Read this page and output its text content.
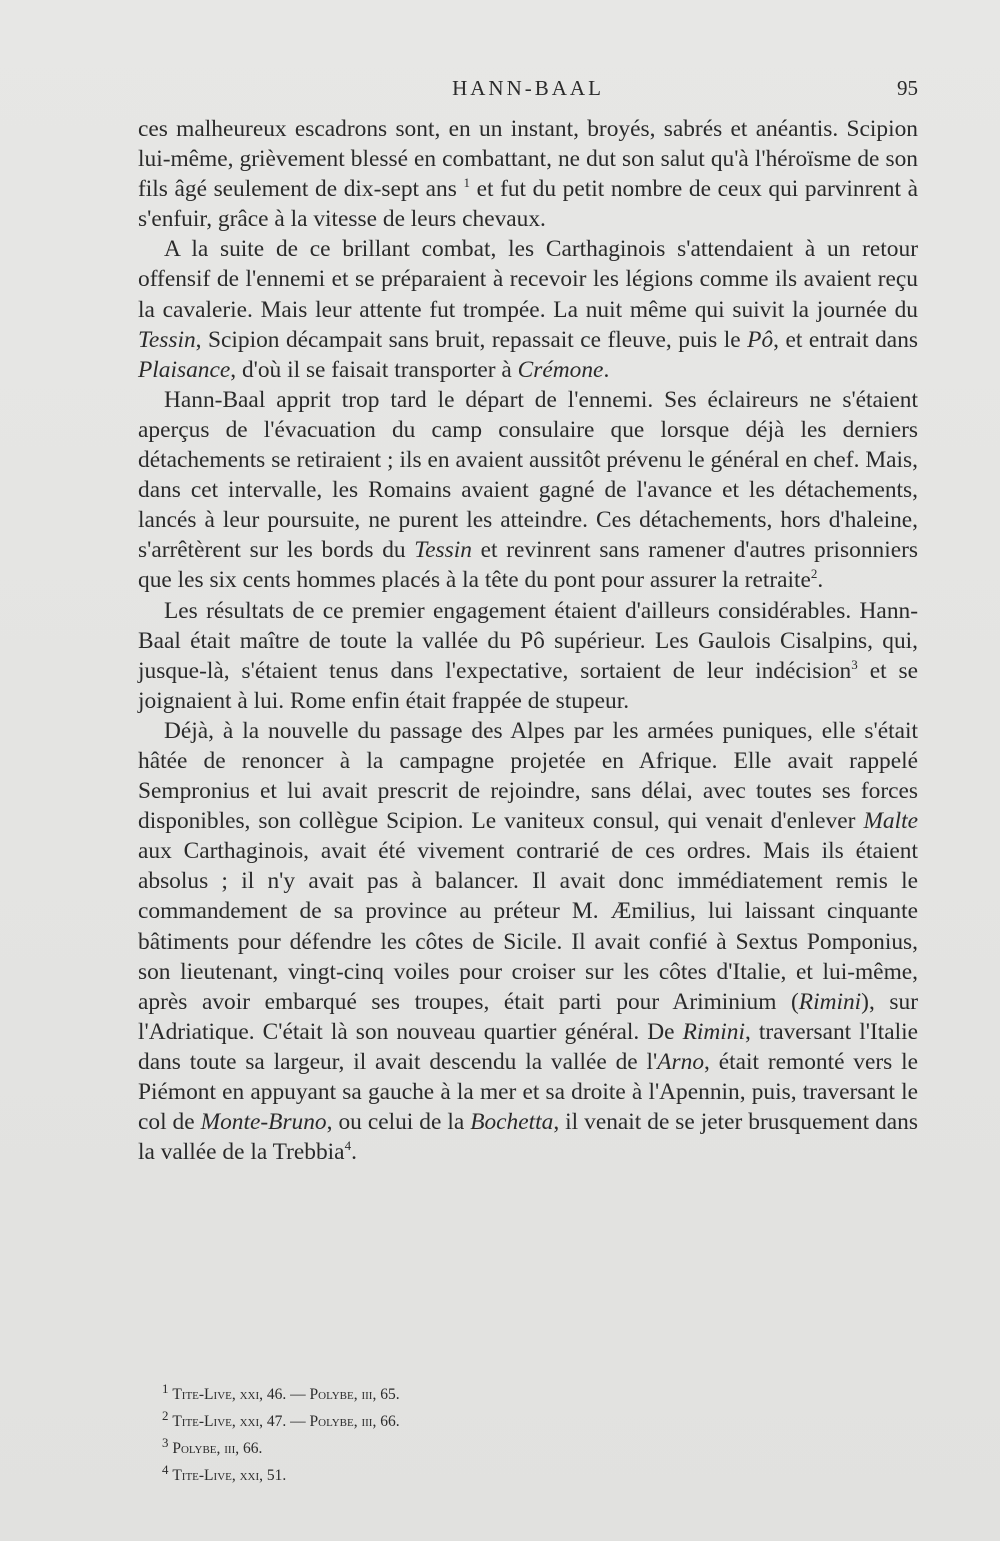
HANN-BAAL	95

ces malheureux escadrons sont, en un instant, broyés, sabrés et anéantis. Scipion lui-même, grièvement blessé en combattant, ne dut son salut qu'à l'héroïsme de son fils âgé seulement de dix-sept ans $^1$ et fut du petit nombre de ceux qui parvinrent à s'enfuir, grâce à la vitesse de leurs chevaux.

A la suite de ce brillant combat, les Carthaginois s'attendaient à un retour offensif de l'ennemi et se préparaient à recevoir les légions comme ils avaient reçu la cavalerie. Mais leur attente fut trompée. La nuit même qui suivit la journée du Tessin, Scipion décampait sans bruit, repassait ce fleuve, puis le Pô, et entrait dans Plaisance, d'où il se faisait transporter à Crémone.

Hann-Baal apprit trop tard le départ de l'ennemi. Ses éclaireurs ne s'étaient aperçus de l'évacuation du camp consulaire que lorsque déjà les derniers détachements se retiraient ; ils en avaient aussitôt prévenu le général en chef. Mais, dans cet intervalle, les Romains avaient gagné de l'avance et les détachements, lancés à leur poursuite, ne purent les atteindre. Ces détachements, hors d'haleine, s'arrêtèrent sur les bords du Tessin et revinrent sans ramener d'autres prisonniers que les six cents hommes placés à la tête du pont pour assurer la retraite$^2$.

Les résultats de ce premier engagement étaient d'ailleurs considérables. Hann-Baal était maître de toute la vallée du Pô supérieur. Les Gaulois Cisalpins, qui, jusque-là, s'étaient tenus dans l'expectative, sortaient de leur indécision$^3$ et se joignaient à lui. Rome enfin était frappée de stupeur.

Déjà, à la nouvelle du passage des Alpes par les armées puniques, elle s'était hâtée de renoncer à la campagne projetée en Afrique. Elle avait rappelé Sempronius et lui avait prescrit de rejoindre, sans délai, avec toutes ses forces disponibles, son collègue Scipion. Le vaniteux consul, qui venait d'enlever Malte aux Carthaginois, avait été vivement contrarié de ces ordres. Mais ils étaient absolus ; il n'y avait pas à balancer. Il avait donc immédiatement remis le commandement de sa province au préteur M. Æmilius, lui laissant cinquante bâtiments pour défendre les côtes de Sicile. Il avait confié à Sextus Pomponius, son lieutenant, vingt-cinq voiles pour croiser sur les côtes d'Italie, et lui-même, après avoir embarqué ses troupes, était parti pour Ariminium (Rimini), sur l'Adriatique. C'était là son nouveau quartier général. De Rimini, traversant l'Italie dans toute sa largeur, il avait descendu la vallée de l'Arno, était remonté vers le Piémont en appuyant sa gauche à la mer et sa droite à l'Apennin, puis, traversant le col de Monte-Bruno, ou celui de la Bochetta, il venait de se jeter brusquement dans la vallée de la Trebbia$^4$.

$^1$ Tite-Live, xxi, 46. — Polybe, iii, 65.

$^2$ Tite-Live, xxi, 47. — Polybe, iii, 66.

$^3$ Polybe, iii, 66.

$^4$ Tite-Live, xxi, 51.
